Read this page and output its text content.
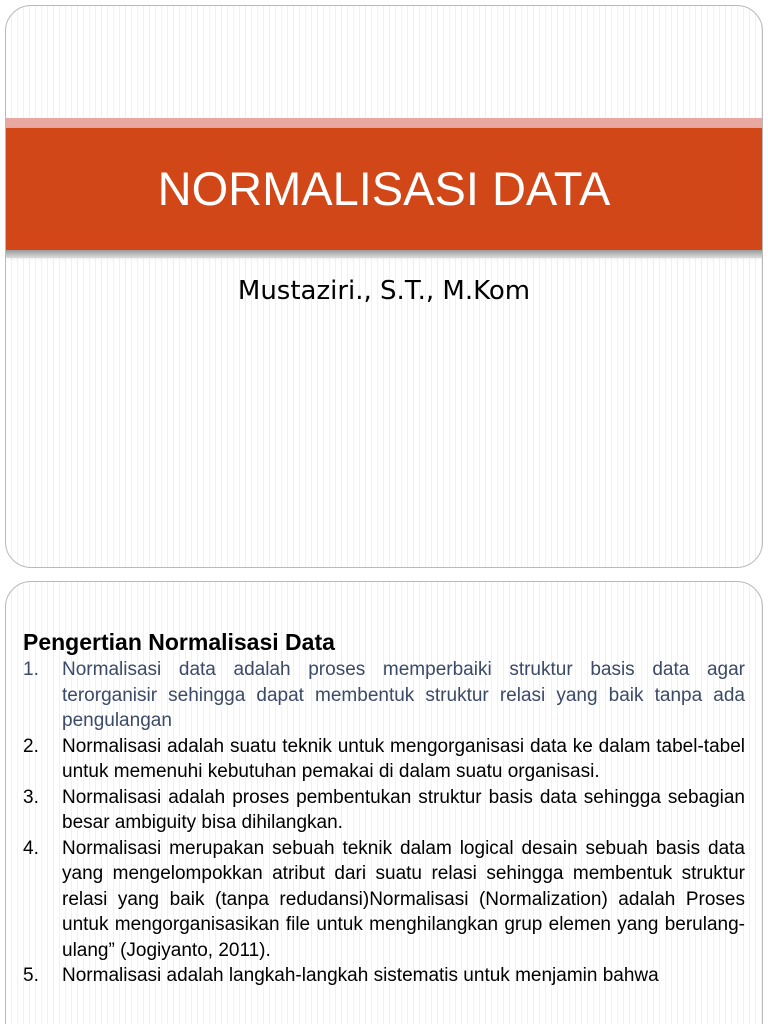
NORMALISASI DATA
Mustaziri., S.T., M.Kom
Pengertian Normalisasi Data
1. Normalisasi data adalah proses memperbaiki struktur basis data agar terorganisir sehingga dapat membentuk struktur relasi yang baik tanpa ada pengulangan
2. Normalisasi adalah suatu teknik untuk mengorganisasi data ke dalam tabel-tabel untuk memenuhi kebutuhan pemakai di dalam suatu organisasi.
3. Normalisasi adalah proses pembentukan struktur basis data sehingga sebagian besar ambiguity bisa dihilangkan.
4. Normalisasi merupakan sebuah teknik dalam logical desain sebuah basis data yang mengelompokkan atribut dari suatu relasi sehingga membentuk struktur relasi yang baik (tanpa redudansi)Normalisasi (Normalization) adalah Proses untuk mengorganisasikan file untuk menghilangkan grup elemen yang berulang-ulang” (Jogiyanto, 2011).
5. Normalisasi adalah langkah-langkah sistematis untuk menjamin bahwa
